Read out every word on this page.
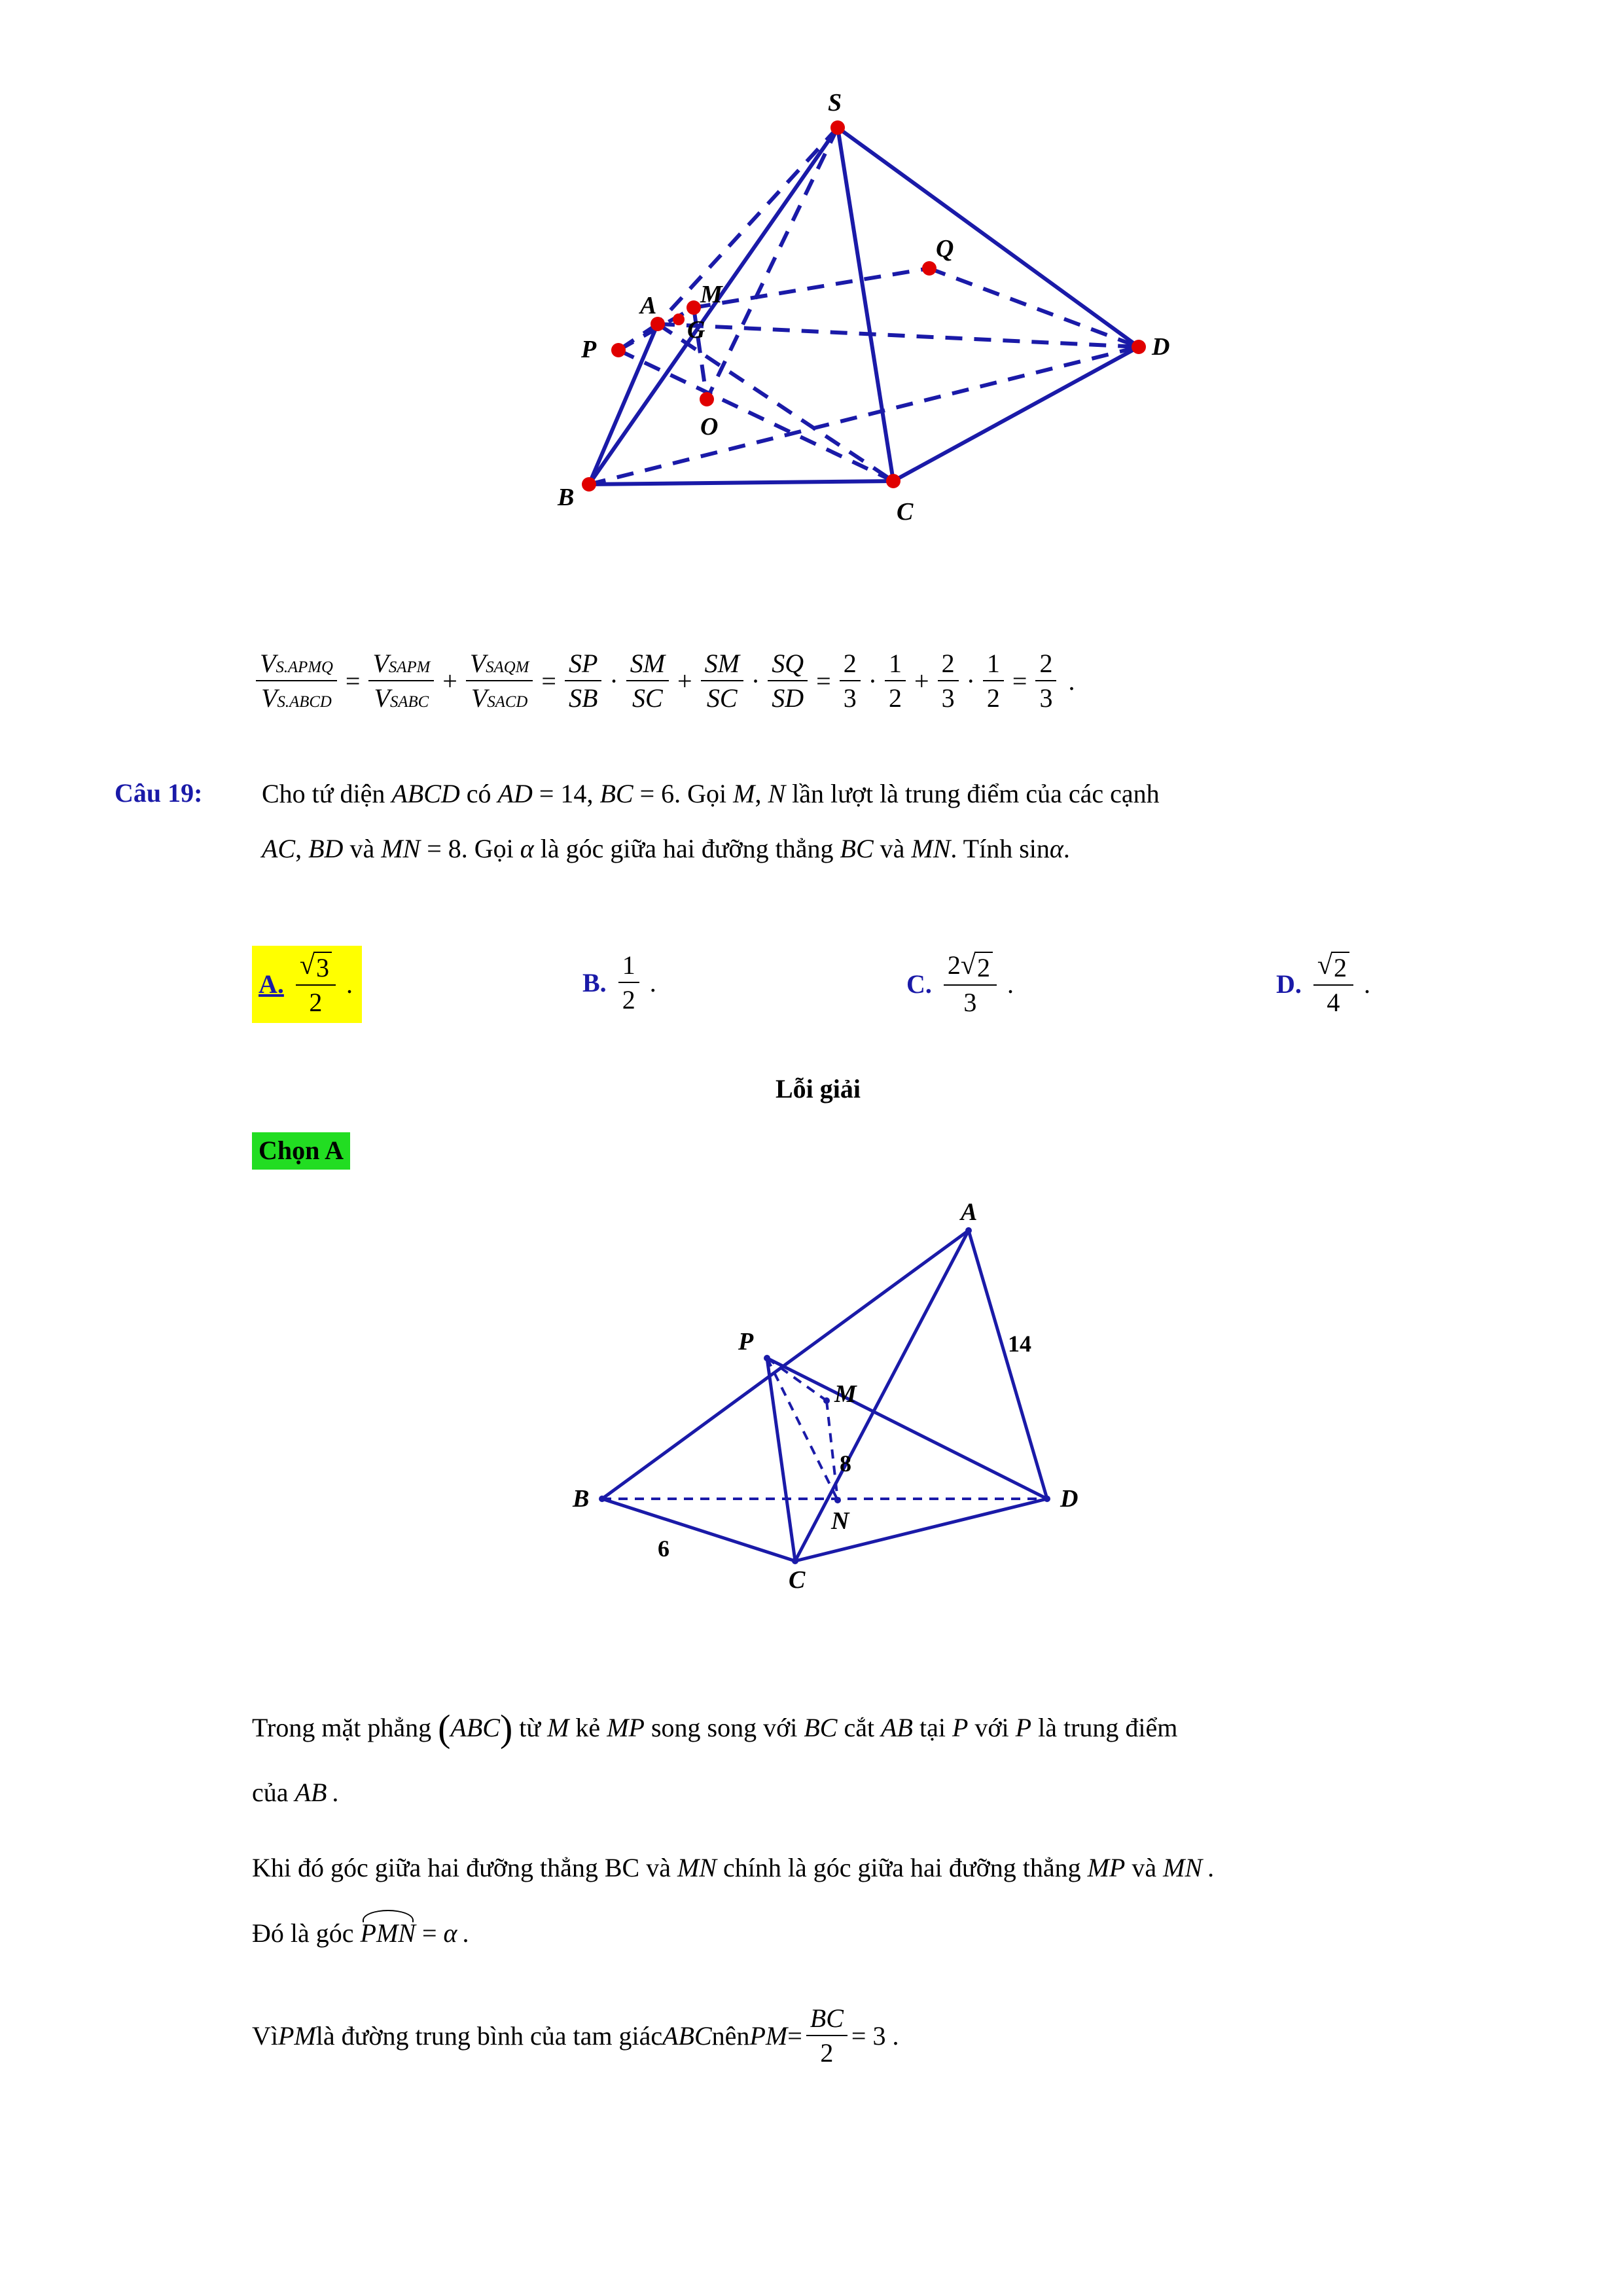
S
Q
M
A
G
P	D
O
B
C
$\frac{\text{VS.APMQ}}{\text{VS.ABCD}} = \frac{\text{VSAPM}}{\text{VSABC}} + \frac{\text{VSAQM}}{\text{VSACD}} = \frac{SP}{SB} \cdot \frac{SM}{SC} + \frac{SM}{SC} \cdot \frac{SQ}{SD} = \frac{2}{3} \cdot \frac{1}{2} + \frac{2}{3} \cdot \frac{1}{2} = \frac{2}{3}$ .
Câu 19: Cho tứ diện ABCD có AD = 14, BC = 6. Gọi M, N lần lượt là trung điểm của các cạnh
AC, BD và MN = 8. Gọi α là góc giữa hai đưỡng thẳng BC và MN. Tính sinα.
A. $\frac{√ 3}{2}$ .	B. $\frac{1}{2}$ .	C. $\frac{2 √ 2}{3}$ .	D. $\frac{√ 2}{4}$ .
Lỗi giải
Chọn A
A
P
M
B
N
D
C
14
8
6
Trong mặt phẳng (ABC) từ M kẻ MP song song với BC cắt AB tại P với P là trung điểm
của AB .
Khi đó góc giữa hai đưỡng thẳng BC và MN chính là góc giữa hai đưỡng thẳng MP và MN .
Đó là góc PMN = α .
Vì PM là đường trung bình của tam giác ABC nên PM = $\frac{BC}{2} = 3$ .
